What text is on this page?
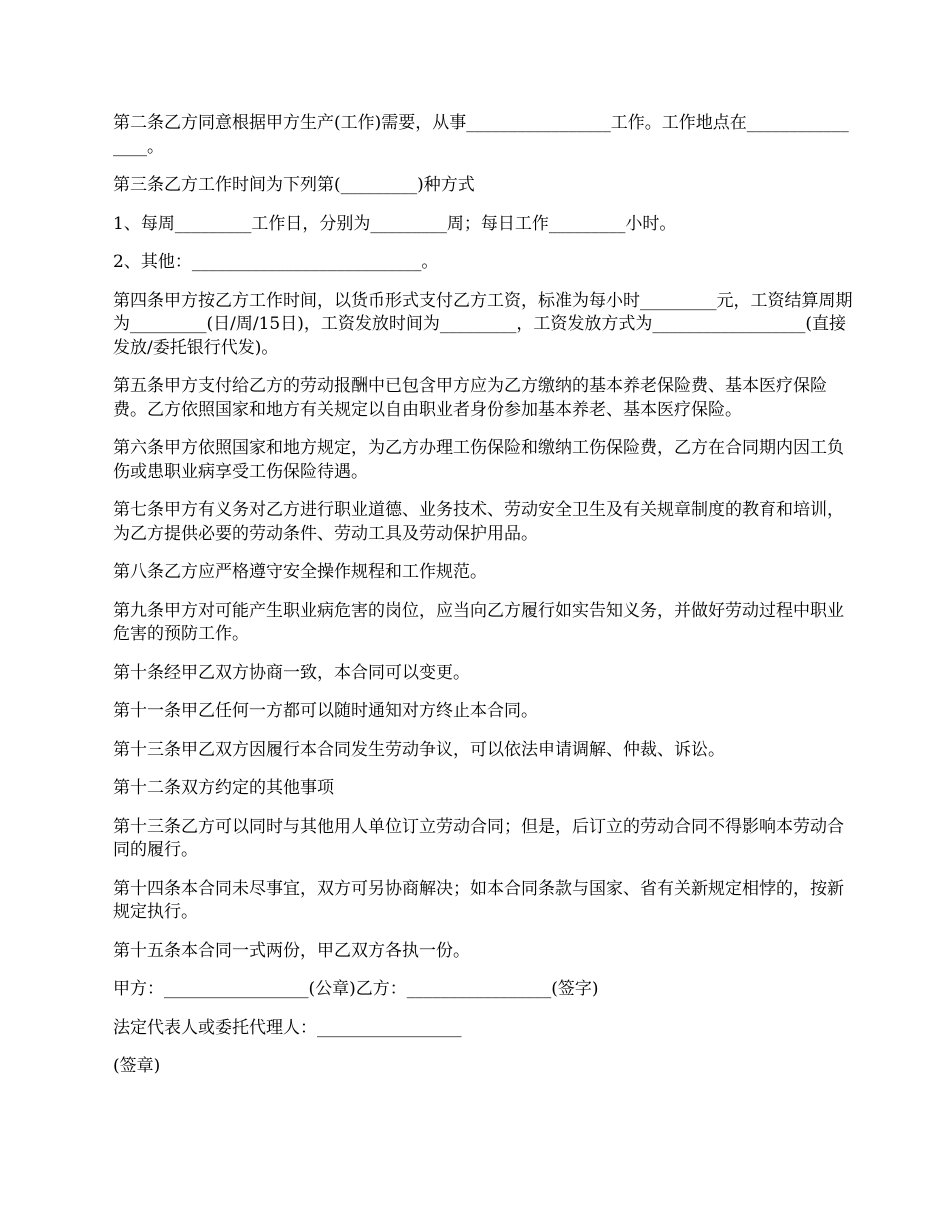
第二条乙方同意根据甲方生产(工作)需要，从事_________________工作。工作地点在________________。

第三条乙方工作时间为下列第(_________)种方式

1、每周_________工作日，分别为_________周；每日工作_________小时。

2、其他：___________________________。

第四条甲方按乙方工作时间，以货币形式支付乙方工资，标准为每小时_________元，工资结算周期为_________(日/周/15日)，工资发放时间为_________，工资发放方式为__________________(直接发放/委托银行代发)。

第五条甲方支付给乙方的劳动报酬中已包含甲方应为乙方缴纳的基本养老保险费、基本医疗保险费。乙方依照国家和地方有关规定以自由职业者身份参加基本养老、基本医疗保险。

第六条甲方依照国家和地方规定，为乙方办理工伤保险和缴纳工伤保险费，乙方在合同期内因工负伤或患职业病享受工伤保险待遇。

第七条甲方有义务对乙方进行职业道德、业务技术、劳动安全卫生及有关规章制度的教育和培训，为乙方提供必要的劳动条件、劳动工具及劳动保护用品。

第八条乙方应严格遵守安全操作规程和工作规范。

第九条甲方对可能产生职业病危害的岗位，应当向乙方履行如实告知义务，并做好劳动过程中职业危害的预防工作。

第十条经甲乙双方协商一致，本合同可以变更。

第十一条甲乙任何一方都可以随时通知对方终止本合同。

第十三条甲乙双方因履行本合同发生劳动争议，可以依法申请调解、仲裁、诉讼。

第十二条双方约定的其他事项

第十三条乙方可以同时与其他用人单位订立劳动合同；但是，后订立的劳动合同不得影响本劳动合同的履行。

第十四条本合同未尽事宜，双方可另协商解决；如本合同条款与国家、省有关新规定相悖的，按新规定执行。

第十五条本合同一式两份，甲乙双方各执一份。

甲方：_________________(公章)乙方：_________________(签字)

法定代表人或委托代理人：_________________

(签章)
